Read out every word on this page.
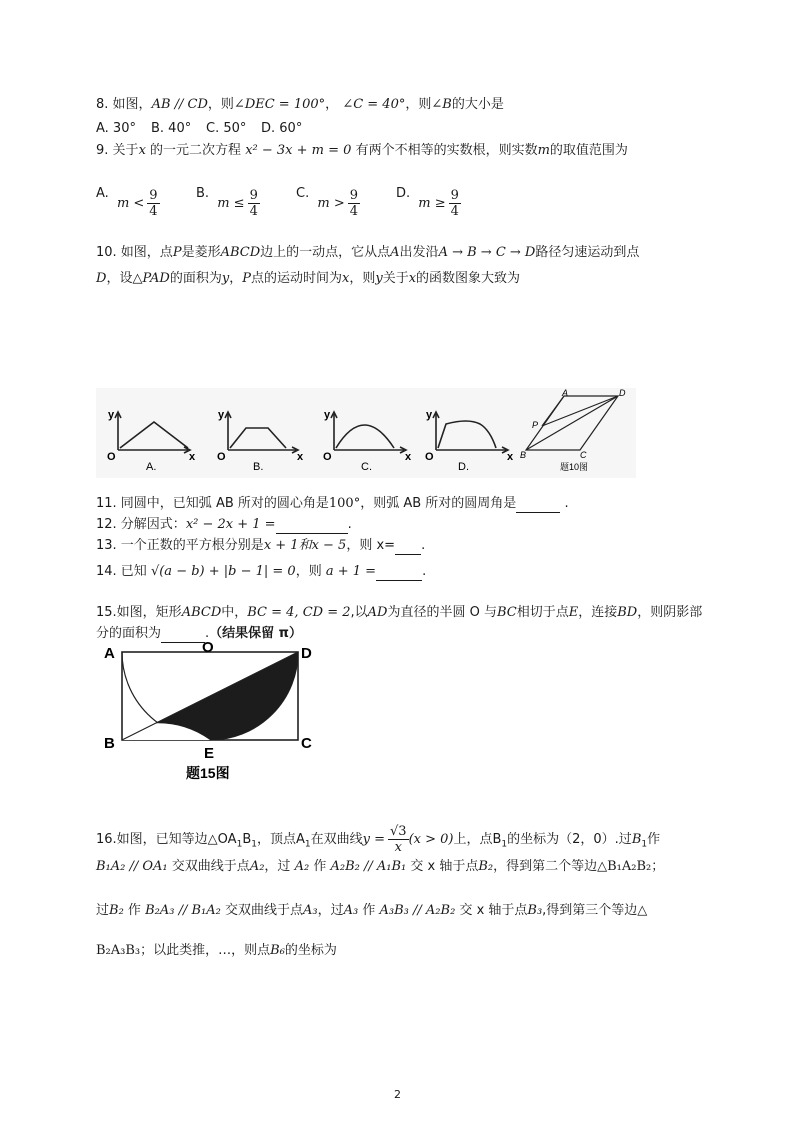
8. 如图，AB // CD，则∠DEC = 100°， ∠C = 40°，则∠B的大小是
A. 30° B. 40° C. 50° D. 60°
9. 关于x 的一元二次方程 x² − 3x + m = 0 有两个不相等的实数根，则实数m的取值范围为
A. $m < \frac{9}{4}$	B. $m \le \frac{9}{4}$	C. $m > \frac{9}{4}$	D. $m \ge \frac{9}{4}$
10. 如图，点P是菱形ABCD边上的一动点，它从点A出发沿A → B → C → D路径匀速运动到点
D，设△PAD的面积为y，P点的运动时间为x，则y关于x的函数图象大致为
y
x
O
A.
y
x
O
B.
y
x
O
C.
y
x
O
D.
A	D
P
B	C
题10图
11. 同圆中，已知弧 AB 所对的圆心角是100°，则弧 AB 所对的圆周角是	.
12. 分解因式：x² − 2x + 1 =	.
13. 一个正数的平方根分别是x + 1和x − 5，则 x= .
14. 已知 √(a − b) + |b − 1| = 0，则 a + 1 =	.
15.如图，矩形ABCD中，BC = 4, CD = 2,以AD为直径的半圆 O 与BC相切于点E，连接BD，则阴影部
分的面积为	.（结果保留 π）
A	O	D
B
E
C
题15图
16.如图，已知等边$\triangle OA_1B_1$，顶点$A_1$在双曲线$y = \frac{√3}{x} (x > 0)$上，点$B_1$的坐标为（2，0）.过$B_1$作
B₁A₂ // OA₁ 交双曲线于点A₂，过 A₂ 作 A₂B₂ // A₁B₁ 交 x 轴于点B₂，得到第二个等边△B₁A₂B₂；
过B₂ 作 B₂A₃ // B₁A₂ 交双曲线于点A₃，过A₃ 作 A₃B₃ // A₂B₂ 交 x 轴于点B₃,得到第三个等边△
B₂A₃B₃；以此类推，…，则点B₆的坐标为
2
